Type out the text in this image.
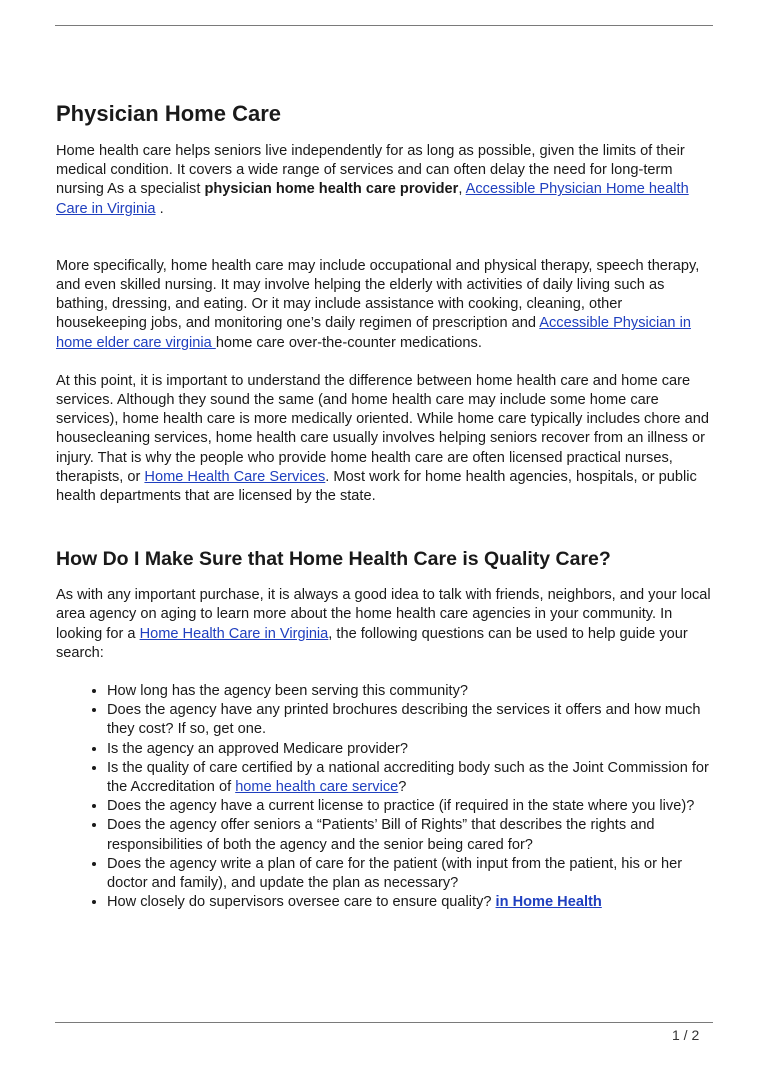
Physician Home Care

Home health care helps seniors live independently for as long as possible, given the limits of their medical condition. It covers a wide range of services and can often delay the need for long-term nursing As a specialist physician home health care provider, Accessible Physician Home health Care in Virginia .

More specifically, home health care may include occupational and physical therapy, speech therapy, and even skilled nursing. It may involve helping the elderly with activities of daily living such as bathing, dressing, and eating. Or it may include assistance with cooking, cleaning, other housekeeping jobs, and monitoring one’s daily regimen of prescription and Accessible Physician in home elder care virginia home care over-the-counter medications.

At this point, it is important to understand the difference between home health care and home care services. Although they sound the same (and home health care may include some home care services), home health care is more medically oriented. While home care typically includes chore and housecleaning services, home health care usually involves helping seniors recover from an illness or injury. That is why the people who provide home health care are often licensed practical nurses, therapists, or Home Health Care Services. Most work for home health agencies, hospitals, or public health departments that are licensed by the state.

How Do I Make Sure that Home Health Care is Quality Care?

As with any important purchase, it is always a good idea to talk with friends, neighbors, and your local area agency on aging to learn more about the home health care agencies in your community. In looking for a Home Health Care in Virginia, the following questions can be used to help guide your search:

• How long has the agency been serving this community?
• Does the agency have any printed brochures describing the services it offers and how much they cost? If so, get one.
• Is the agency an approved Medicare provider?
• Is the quality of care certified by a national accrediting body such as the Joint Commission for the Accreditation of home health care service?
• Does the agency have a current license to practice (if required in the state where you live)?
• Does the agency offer seniors a “Patients’ Bill of Rights” that describes the rights and responsibilities of both the agency and the senior being cared for?
• Does the agency write a plan of care for the patient (with input from the patient, his or her doctor and family), and update the plan as necessary?
• How closely do supervisors oversee care to ensure quality? in Home Health
1 / 2
